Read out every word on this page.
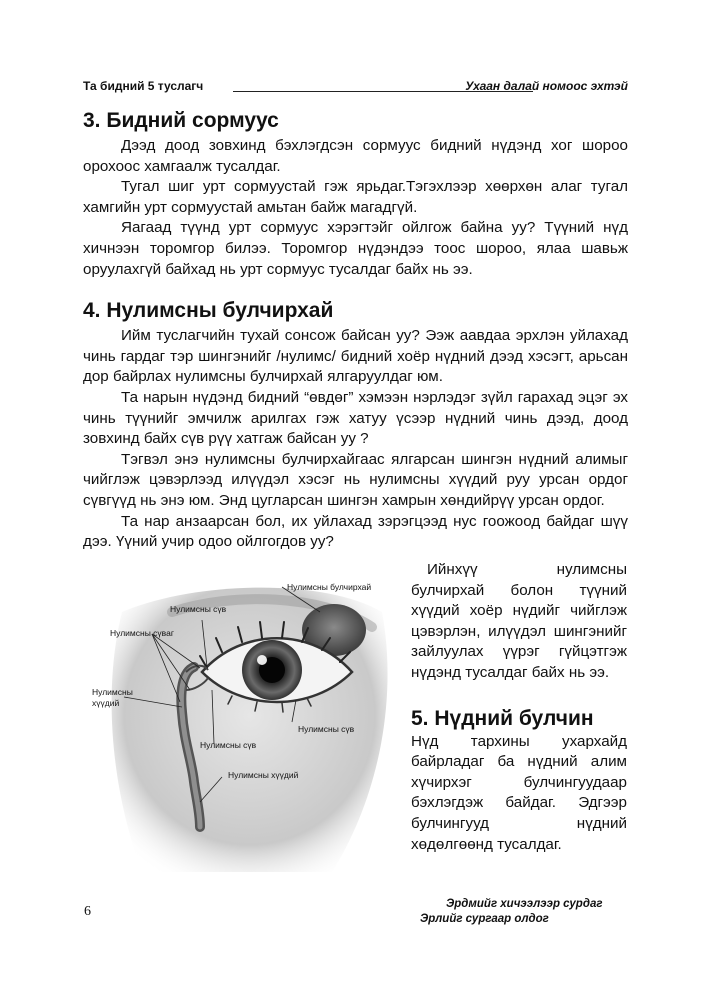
Та бидний 5 туслагч	Ухаан далай номоос эхтэй
3. Бидний сормуус

Дээд доод зовхинд бэхлэгдсэн сормуус бидний нүдэнд хог шороо орохоос хамгаалж тусалдаг.

Тугал шиг урт сормуустай гэж ярьдаг.Тэгэхлээр хөөрхөн алаг тугал хамгийн урт сормуустай амьтан байж магадгүй.

Яагаад түүнд урт сормуус хэрэгтэйг ойлгож байна уу? Түүний нүд хичнээн торомгор билээ. Торомгор нүдэндээ тоос шороо, ялаа шавьж оруулахгүй байхад нь урт сормуус тусалдаг байх нь ээ.

4. Нулимсны булчирхай

Ийм туслагчийн тухай сонсож байсан уу? Ээж аавдаа эрхлэн уйлахад чинь гардаг тэр шингэнийг /нулимс/ бидний хоёр нүдний дээд хэсэгт, арьсан дор байрлах нулимсны булчирхай ялгаруулдаг юм.

Та нарын нүдэнд бидний “өвдөг” хэмээн нэрлэдэг зүйл гарахад эцэг эх чинь түүнийг эмчилж арилгах гэж хатуу үсээр нүдний чинь дээд, доод зовхинд байх сүв рүү хатгаж байсан уу ?

Тэгвэл энэ нулимсны булчирхайгаас ялгарсан шингэн нүдний алимыг чийглэж цэвэрлээд илүүдэл хэсэг нь нулимсны хүүдий руу урсан ордог сүвгүүд нь энэ юм. Энд цугларсан шингэн хамрын хөндийрүү урсан ордог.

Та нар анзаарсан бол, их уйлахад зэрэгцээд нус гоожоод байдаг шүү дээ. Үүний учир одоо ойлгогдов уу?

Нулимсны булчирхай
Нулимсны сүв
Нулимсны сүваг
Нулимсны
хүүдий
Нулимсны сүв
Нулимсны сүв
Нулимсны хүүдий

Ийнхүү нулимсны булчирхай болон түүний хүүдий хоёр нүдийг чийглэж цэвэрлэн, илүүдэл шингэнийг зайлуулах үүрэг гүйцэтгэж нүдэнд тусалдаг байх нь ээ.

5. Нүдний булчин

Нүд тархины ухархайд байрладаг ба нүдний алим хүчирхэг булчингуудаар бэхлэгдэж байдаг. Эдгээр булчингууд нүдний хөдөлгөөнд тусалдаг.

6	Эрдмийг хичээлээр сурдаг
Эрлийг сургаар олдог
